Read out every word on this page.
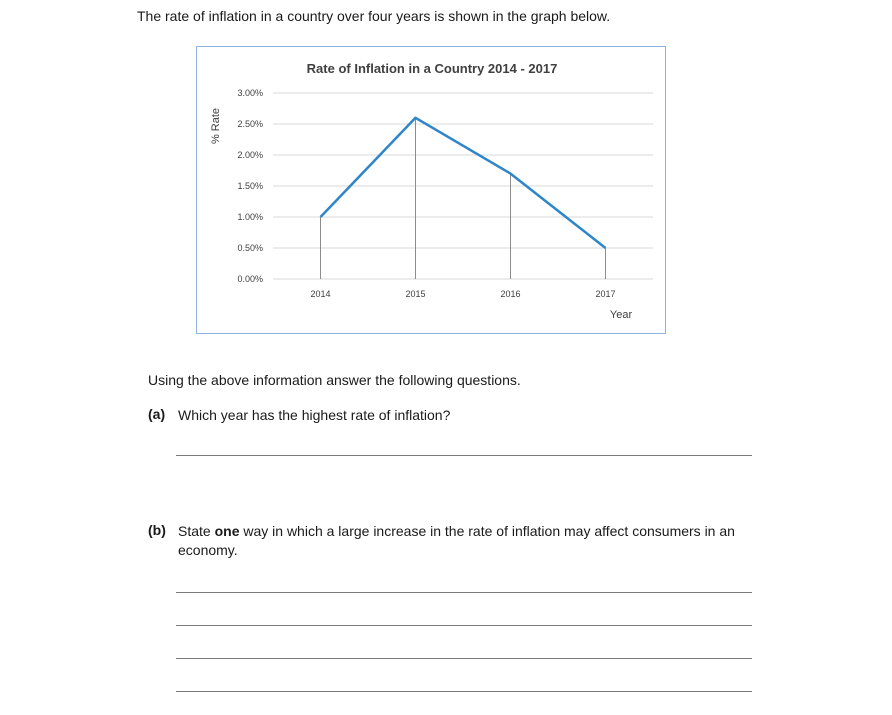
The rate of inflation in a country over four years is shown in the graph below.
Rate of Inflation in a Country 2014 - 2017
% Rate
Year
0.00%
0.50%
1.00%
1.50%
2.00%
2.50%
3.00%
2014	2015	2016	2017
Using the above information answer the following questions.
(a) Which year has the highest rate of inflation?
(b) State one way in which a large increase in the rate of inflation may affect consumers in an
economy.
